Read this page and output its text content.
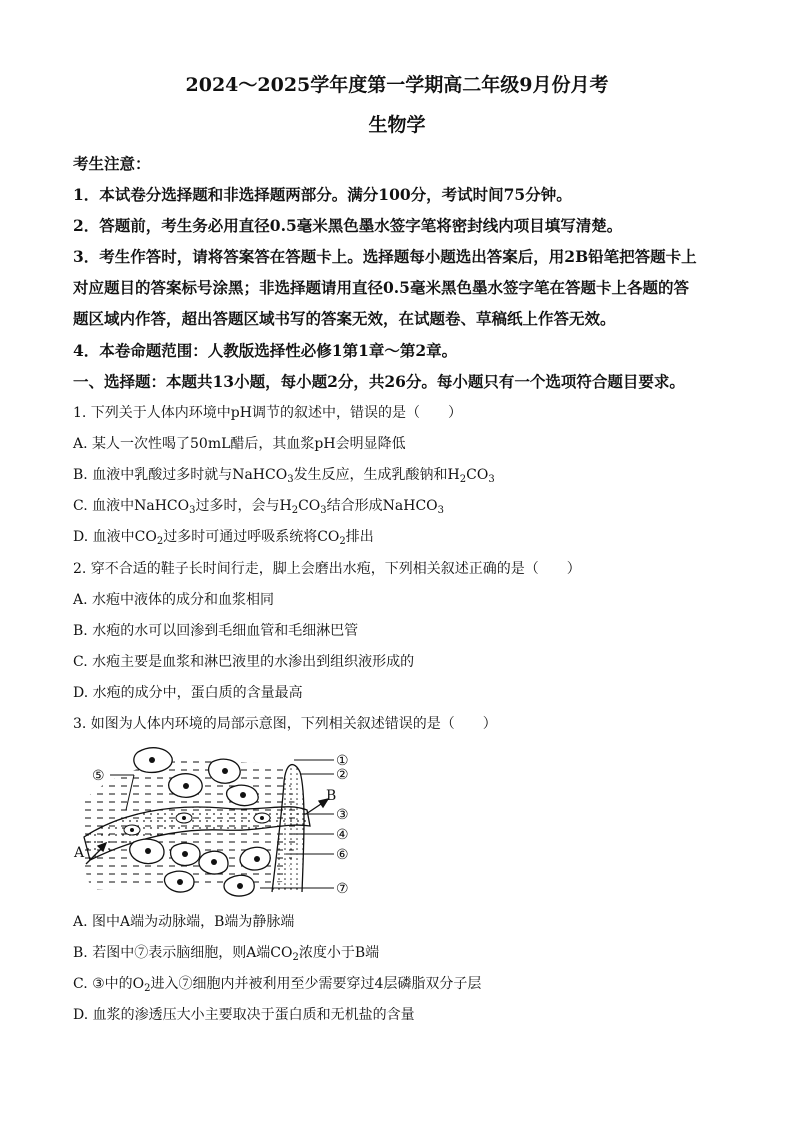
2024～2025学年度第一学期高二年级9月份月考
生物学
考生注意：
1．本试卷分选择题和非选择题两部分。满分100分，考试时间75分钟。
2．答题前，考生务必用直径0.5毫米黑色墨水签字笔将密封线内项目填写清楚。
3．考生作答时，请将答案答在答题卡上。选择题每小题选出答案后，用2B铅笔把答题卡上
对应题目的答案标号涂黑；非选择题请用直径0.5毫米黑色墨水签字笔在答题卡上各题的答
题区域内作答，超出答题区域书写的答案无效，在试题卷、草稿纸上作答无效。
4．本卷命题范围：人教版选择性必修1第1章～第2章。
一、选择题：本题共13小题，每小题2分，共26分。每小题只有一个选项符合题目要求。
1. 下列关于人体内环境中pH调节的叙述中，错误的是（　　）
A. 某人一次性喝了50mL醋后，其血浆pH会明显降低
B. 血液中乳酸过多时就与NaHCO$_3$发生反应，生成乳酸钠和$H_2CO_3$
C. 血液中NaHCO$_3$过多时，会与$H_2CO_3$结合形成NaHCO$_3$
D. 血液中$CO_2$过多时可通过呼吸系统将$CO_2$排出
2. 穿不合适的鞋子长时间行走，脚上会磨出水疱，下列相关叙述正确的是（　　）
A. 水疱中液体的成分和血浆相同
B. 水疱的水可以回渗到毛细血管和毛细淋巴管
C. 水疱主要是血浆和淋巴液里的水渗出到组织液形成的
D. 水疱的成分中，蛋白质的含量最高
3. 如图为人体内环境的局部示意图，下列相关叙述错误的是（　　）
①
②
③
④
⑤
⑥
⑦
A
B
A. 图中A端为动脉端，B端为静脉端
B. 若图中⑦表示脑细胞，则A端$CO_2$浓度小于B端
C. ③中的$O_2$进入⑦细胞内并被利用至少需要穿过4层磷脂双分子层
D. 血浆的渗透压大小主要取决于蛋白质和无机盐的含量
